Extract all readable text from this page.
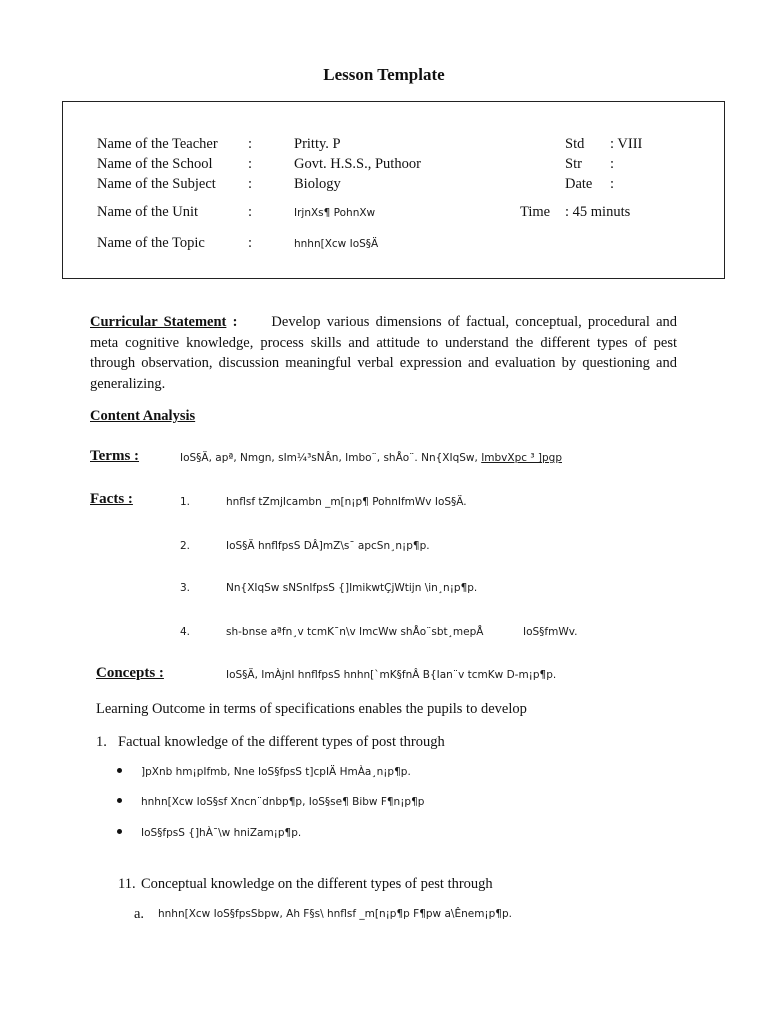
Lesson Template
Name of the Teacher :	Pritty. P	Std : VIII
Name of the School :	Govt. H.S.S., Puthoor	Str :
Name of the Subject :	Biology	Date :
Name of the Unit	:	IrjnXs¶ PohnXw	Time : 45 minuts
Name of the Topic	:	hnhn[Xcw IoS§Ä
Curricular Statement : Develop various dimensions of factual, conceptual, procedural and meta cognitive knowledge, process skills and attitude to understand the different types of pest through observation, discussion meaningful verbal expression and evaluation by questioning and generalizing.
Content Analysis
Terms :	IoS§Ä, apª, Nmgn, sIm¼³sNÂn, Imbo¨, shÅo¨. Nn{XIqSw, ImbvXpc ³ ]pgp
Facts :	1.	hnflsf tZmjIcambn _m[n¡p¶ PohnIfmWv IoS§Ä.
2.	IoS§Ä hnflfpsS DÂ]mZ\s¯ apcSn¸n¡p¶p.
3.	Nn{XIqSw sNSnIfpsS {]ImikwtÇjWtijn \in¸n¡p¶p.
4.	sh-bnse aªfn¸v tcmK¯n\v ImcWw shÅo¨sbt¸mepÅ	IoS§fmWv.
Concepts :	IoS§Ä, ImÀjnI hnflfpsS hnhn[`mK§fnÂ B{Ian¨v tcmKw D-m¡p¶p.
Learning Outcome in terms of specifications enables the pupils to develop
1. Factual knowledge of the different types of post through
]pXnb hm¡pIfmb, Nne IoS§fpsS t]cpIÄ HmÀa¸n¡p¶p.
hnhn[Xcw IoS§sf Xncn¨dnbp¶p, IoS§se¶ Bibw F¶n¡p¶p
IoS§fpsS {]hÀ¯\w hniZam¡p¶p.
11. Conceptual knowledge on the different types of pest through
a. hnhn[Xcw IoS§fpsSbpw, Ah F§s\ hnflsf _m[n¡p¶p F¶pw a\Ênem¡p¶p.
